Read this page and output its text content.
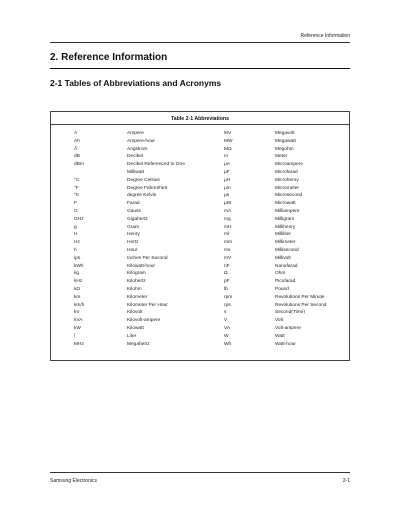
Reference Information
2. Reference Information
2-1 Tables of Abbreviations and Acronyms
Table 2-1 Abbreviations
A
Ah
Å
dB
dBm
°C
°F
°K
F
G
GHz
g
H
Hz
h
ips
kWh
kg
kHz
kΩ
km
km/h
kV
kVA
kW
l
MHz
Ampere
Ampere-hour
Angstrom
Decibel
Decibel Referenced to One
Milliwatt
Degree Celsius
Degree Fahrenheit
degree Kelvin
Farad
Gauss
Gigahertz
Gram
Henry
Hertz
Hour
Inches Per Second
Kilowatt-hour
Kilogram
Kilohertz
Kilohm
Kilometer
Kilometer Per Hour
Kilovolt
Kilovolt-ampere
Kilowatt
Liter
Megahertz
MV
MW
MΩ
m
μA
μF
μH
μm
μs
μW
mA
mg
mH
ml
mm
ms
mV
nF
Ω
pF
lb
rpm
rps
s
V
VA
W
Wh
Megavolt
Megawatt
Megohm
Meter
Microampere
Microfarad
Microhenry
Micrometer
Microsecond
Microwatt
Milliampere
Milligram
Millihenry
Milliliter
Millimeter
Millisecond
Millivolt
Nanofarad
Ohm
Picofarad
Pound
Revolutions Per Minute
Revolutions Per Second
Second(Time)
Volt
Volt-ampere
Watt
Watt-hour
Samsung Electronics	2-1
